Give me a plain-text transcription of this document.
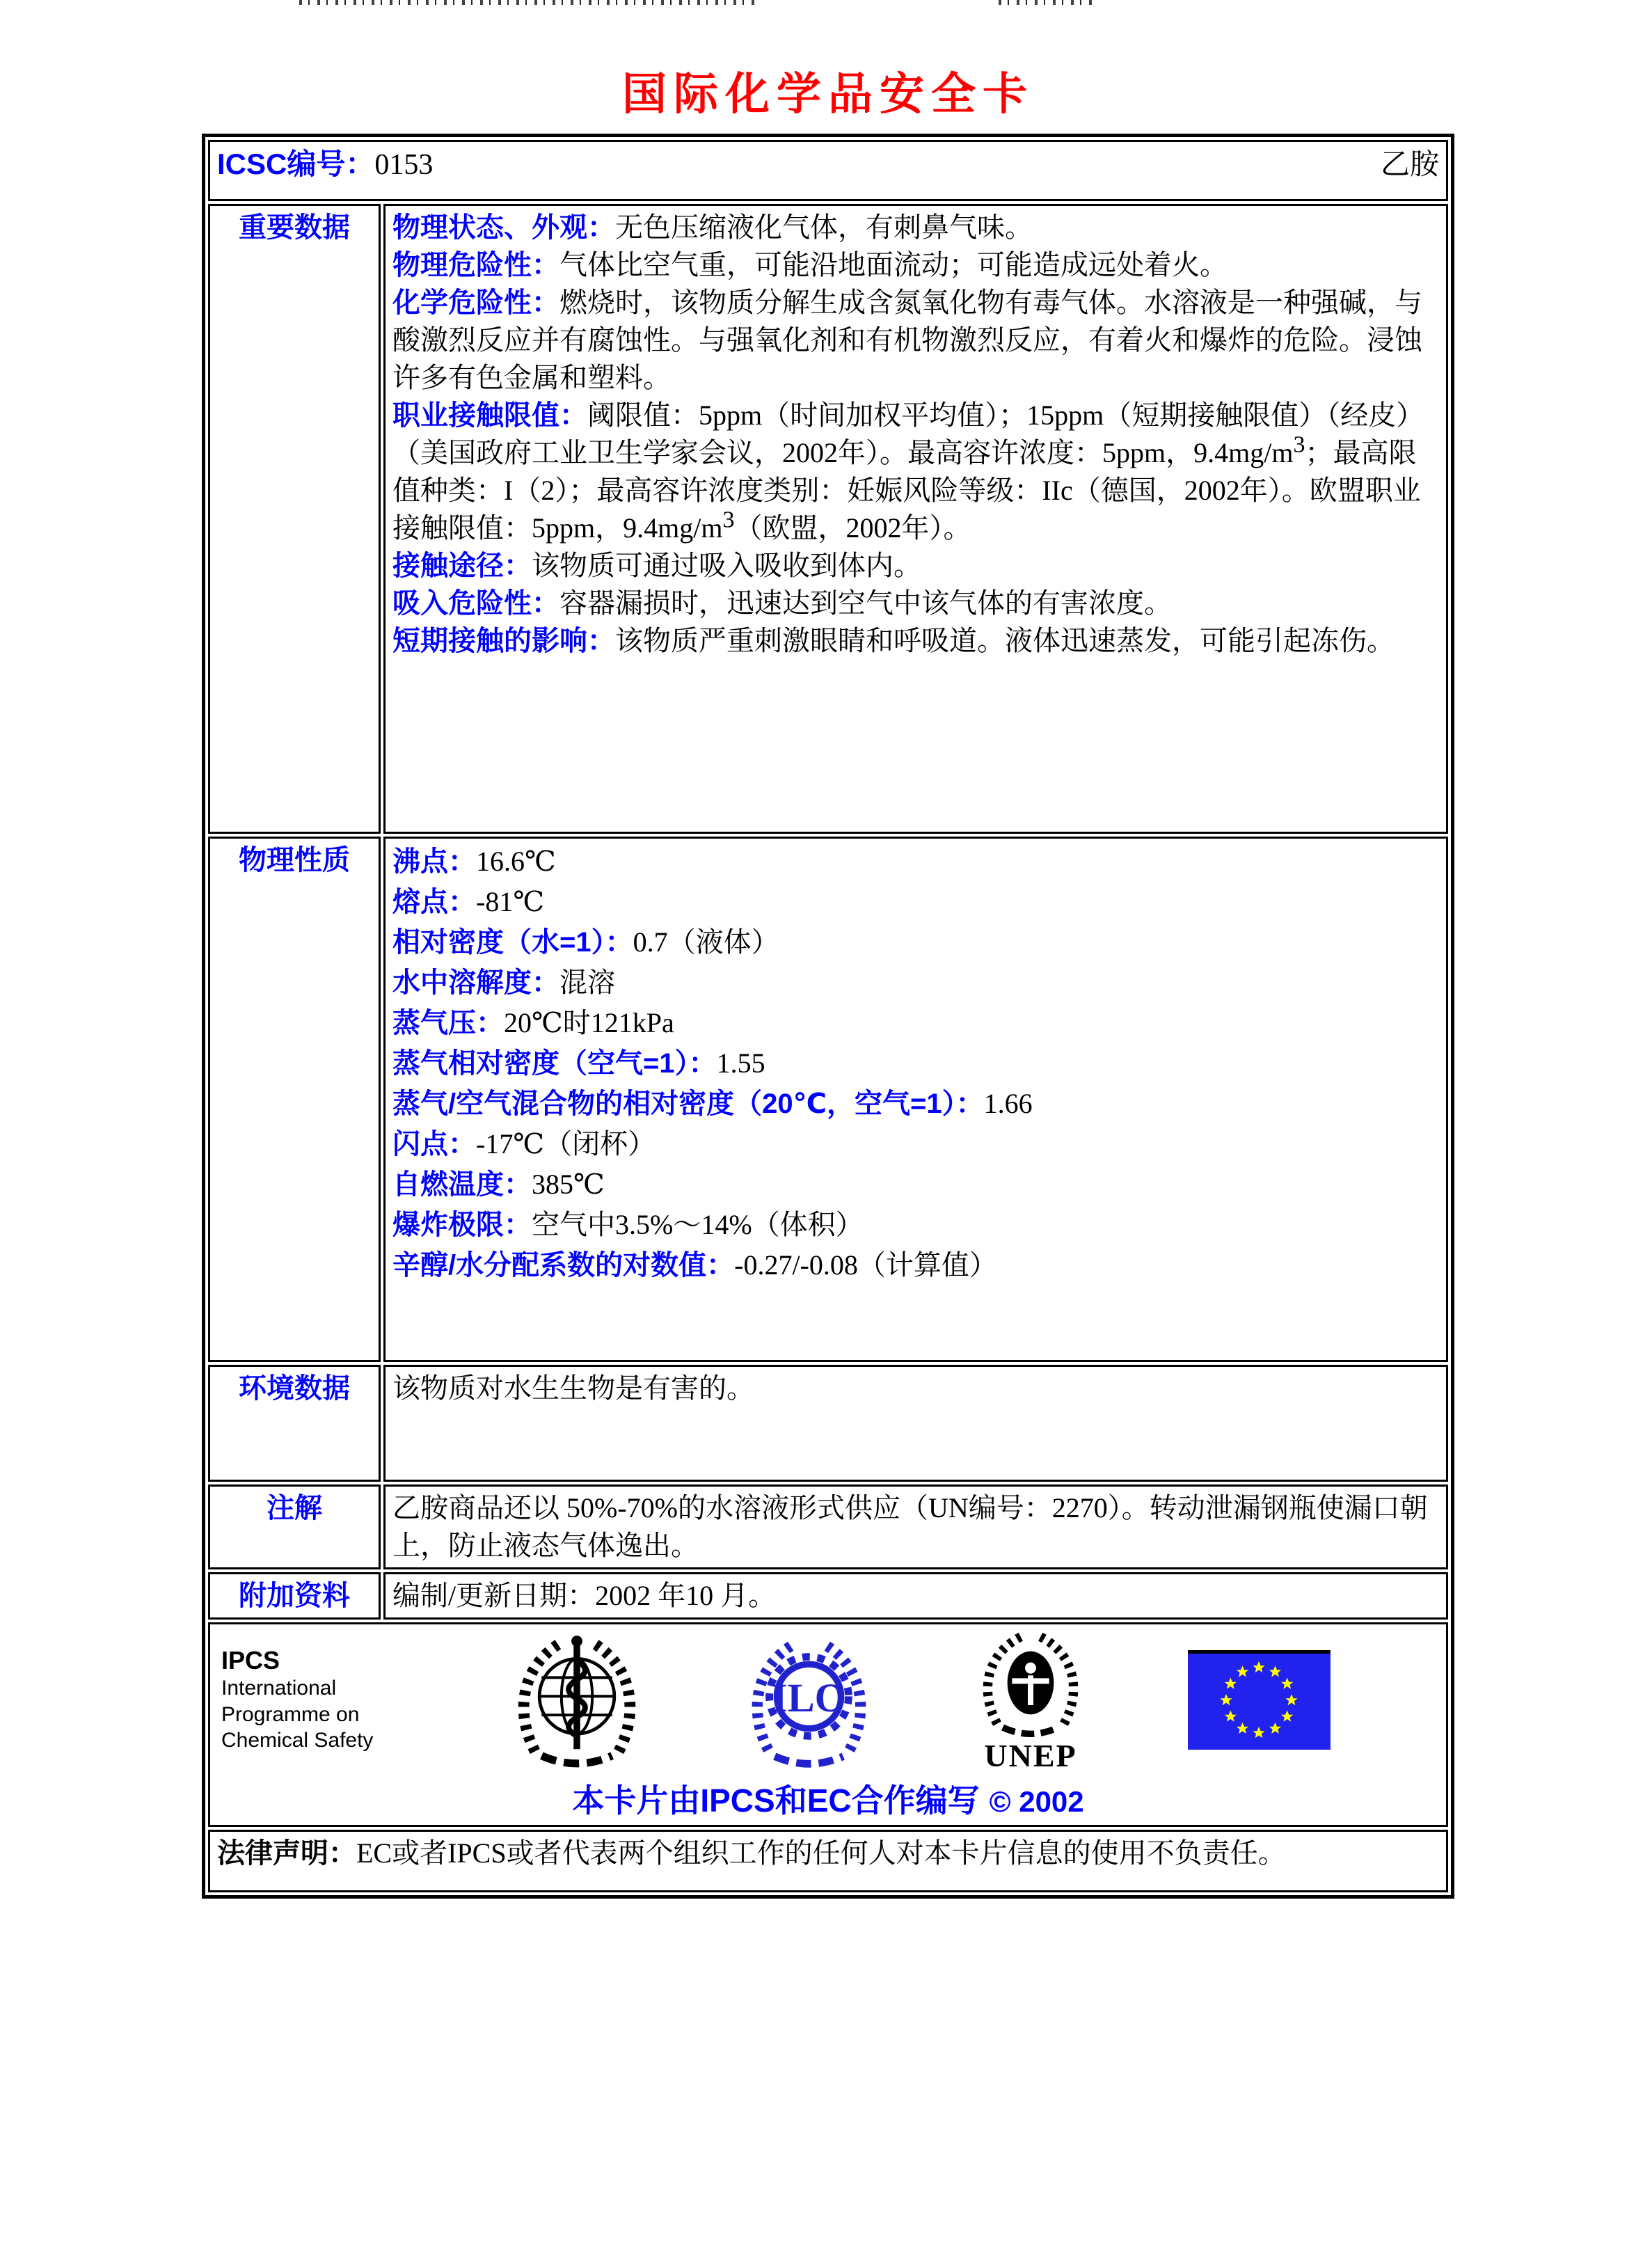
国际化学品安全卡
ICSC编号：0153 乙胺	

重要数据	物理状态、外观：无色压缩液化气体，有刺鼻气味。
物理危险性：气体比空气重，可能沿地面流动；可能造成远处着火。
化学危险性：燃烧时，该物质分解生成含氮氧化物有毒气体。水溶液是一种强碱，与酸激烈反应并有腐蚀性。与强氧化剂和有机物激烈反应，有着火和爆炸的危险。浸蚀许多有色金属和塑料。
职业接触限值：阈限值：5ppm（时间加权平均值）；15ppm（短期接触限值）（经皮）（美国政府工业卫生学家会议，2002年）。最高容许浓度：5ppm，$9.4mg/m^3$；最高限值种类：I（2）；最高容许浓度类别：妊娠风险等级：IIc（德国，2002年）。欧盟职业接触限值：5ppm，$9.4mg/m^3$（欧盟，2002年）。
接触途径：该物质可通过吸入吸收到体内。
吸入危险性：容器漏损时，迅速达到空气中该气体的有害浓度。
短期接触的影响：该物质严重刺激眼睛和呼吸道。液体迅速蒸发，可能引起冻伤。

物理性质	沸点：16.6℃
熔点：-81℃
相对密度（水=1）：0.7（液体）
水中溶解度：混溶
蒸气压：20℃时121kPa
蒸气相对密度（空气=1）：1.55
蒸气/空气混合物的相对密度（20℃，空气=1）：1.66
闪点：-17℃（闭杯）
自燃温度：385℃
爆炸极限：空气中3.5%～14%（体积）
辛醇/水分配系数的对数值：-0.27/-0.08（计算值）

环境数据	该物质对水生生物是有害的。

注解	乙胺商品还以 50%-70%的水溶液形式供应（UN编号：2270）。转动泄漏钢瓶使漏口朝上，防止液态气体逸出。

附加资料	编制/更新日期：2002 年10 月。

IPCS
International
Programme on
Chemical Safety
ILO
UNEP
本卡片由IPCS和EC合作编写 © 2002

法律声明：EC或者IPCS或者代表两个组织工作的任何人对本卡片信息的使用不负责任。	
